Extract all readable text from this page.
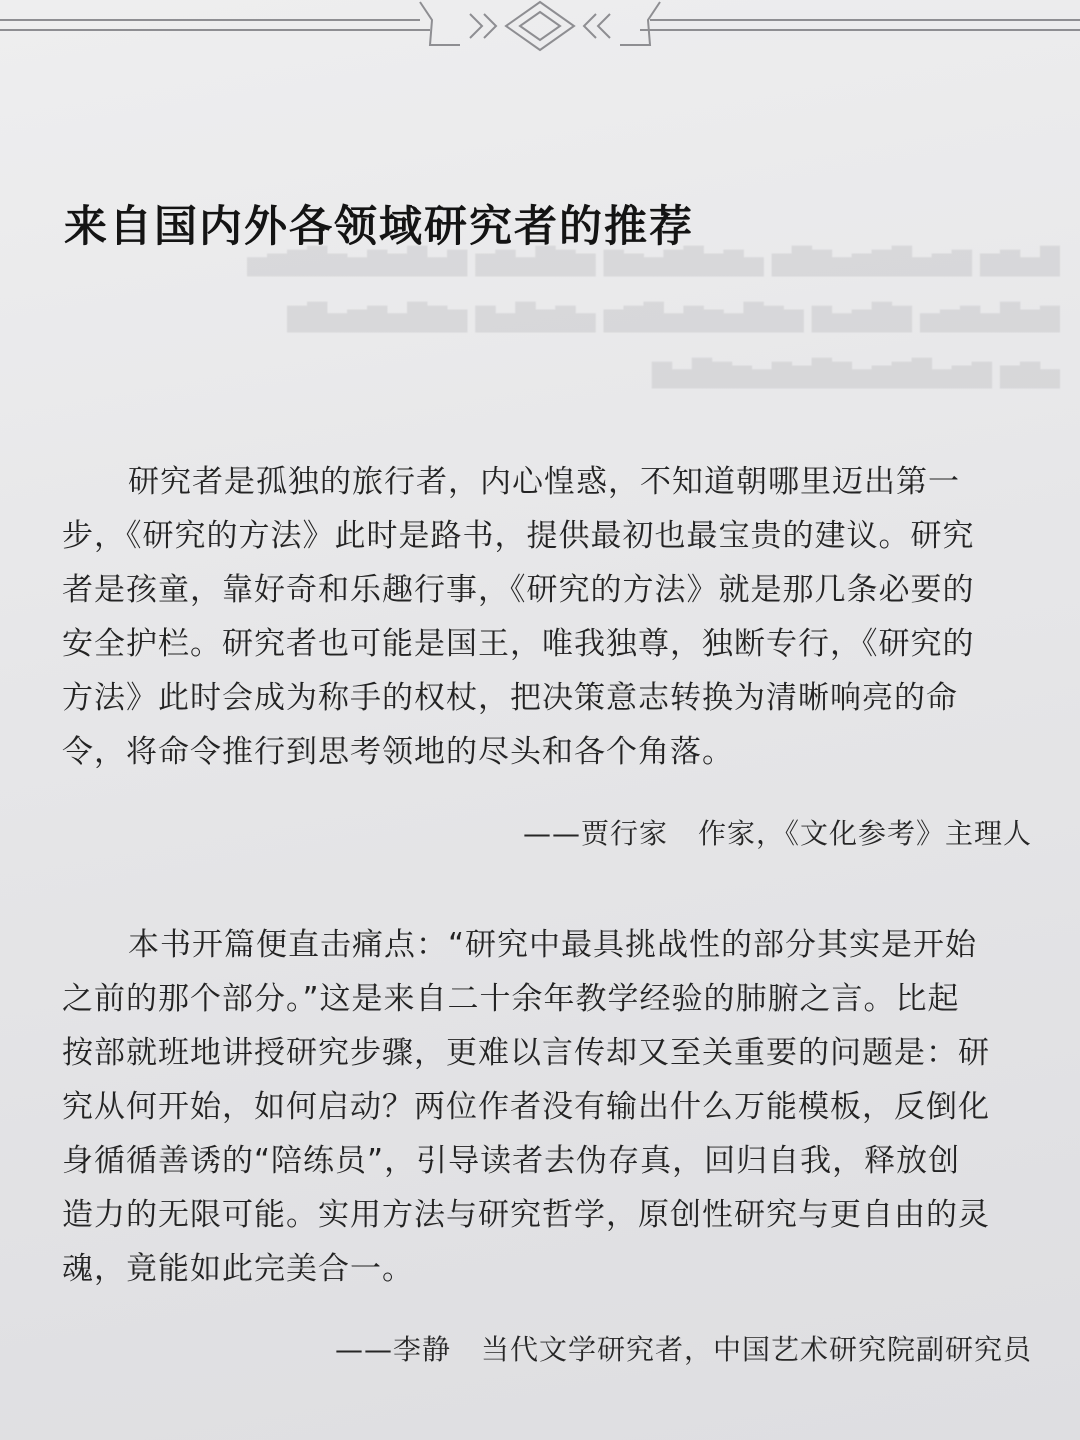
█▅▇▆ ▇▆▅█▇▆▅▇█▆ ▅▇▆█▇▅▆▇ ▆▇█▅▇▆ ▇▅█▆▇▅▆█▇▆▅
▇▆█▅▇▆▅ ▇█▆▅▇ ▆▇█▅▆▇▅█▇▆ ▅▇▆█▅▇ ▆▇█▅▇▆▅█▇
▅▇▆ ▇▆▅█▇▆▅▇█▆▇▅▆▇█▅▇
来自国内外各领域研究者的推荐
研究者是孤独的旅行者，内心惶惑，不知道朝哪里迈出第一
步，《研究的方法》此时是路书，提供最初也最宝贵的建议。研究
者是孩童，靠好奇和乐趣行事，《研究的方法》就是那几条必要的
安全护栏。研究者也可能是国王，唯我独尊，独断专行，《研究的
方法》此时会成为称手的权杖，把决策意志转换为清晰响亮的命
令，将命令推行到思考领地的尽头和各个角落。

——贾行家 作家，《文化参考》主理人

本书开篇便直击痛点：“研究中最具挑战性的部分其实是开始
之前的那个部分。”这是来自二十余年教学经验的肺腑之言。比起
按部就班地讲授研究步骤，更难以言传却又至关重要的问题是：研
究从何开始，如何启动？两位作者没有输出什么万能模板，反倒化
身循循善诱的“陪练员”，引导读者去伪存真，回归自我，释放创
造力的无限可能。实用方法与研究哲学，原创性研究与更自由的灵
魂，竟能如此完美合一。

——李静 当代文学研究者，中国艺术研究院副研究员
